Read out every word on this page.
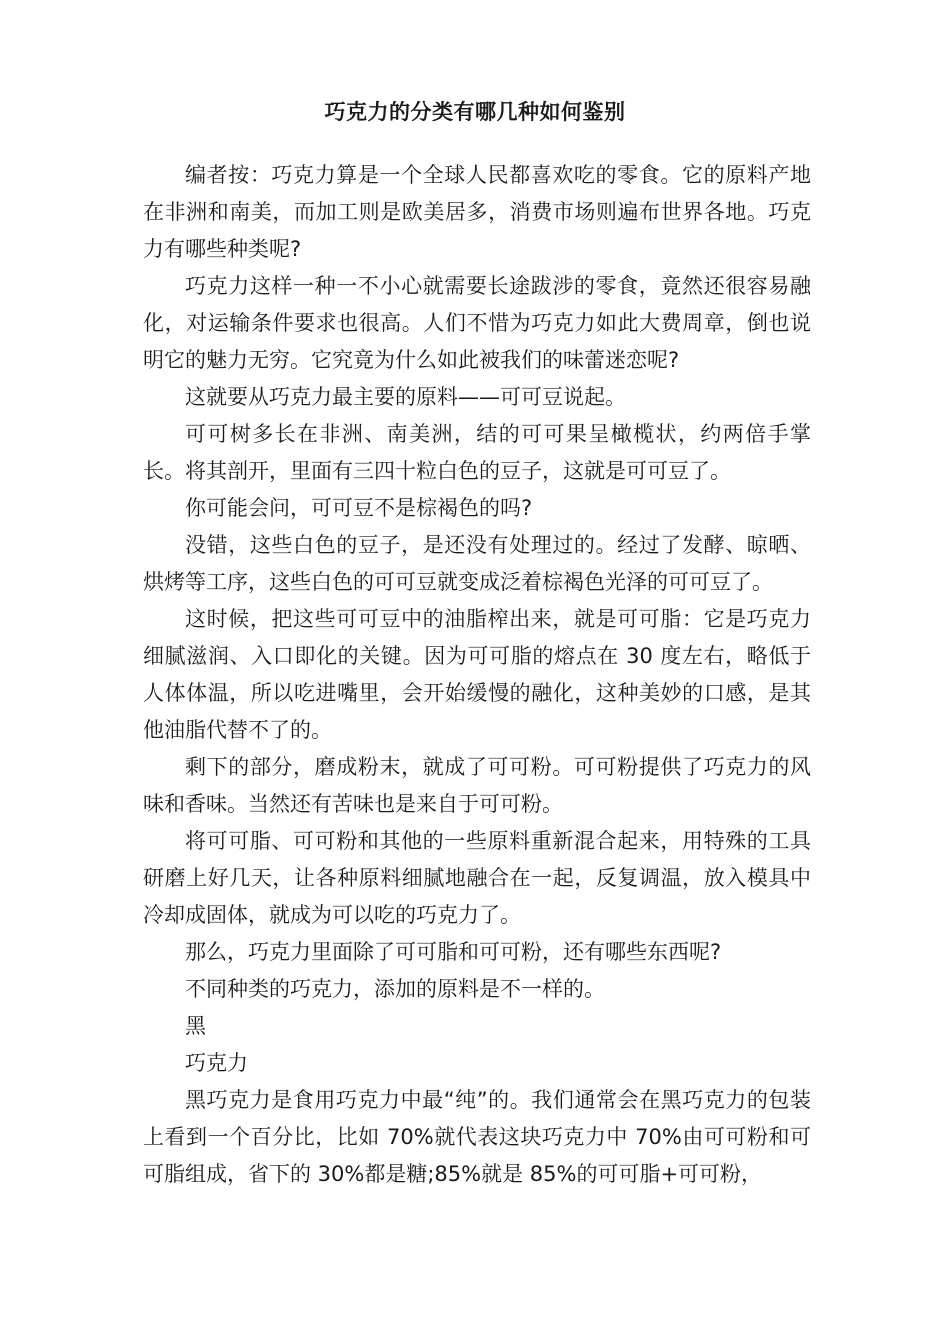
巧克力的分类有哪几种如何鉴别

编者按：巧克力算是一个全球人民都喜欢吃的零食。它的原料产地在非洲和南美，而加工则是欧美居多，消费市场则遍布世界各地。巧克力有哪些种类呢?

巧克力这样一种一不小心就需要长途跋涉的零食，竟然还很容易融化，对运输条件要求也很高。人们不惜为巧克力如此大费周章，倒也说明它的魅力无穷。它究竟为什么如此被我们的味蕾迷恋呢?

这就要从巧克力最主要的原料——可可豆说起。

可可树多长在非洲、南美洲，结的可可果呈橄榄状，约两倍手掌长。将其剖开，里面有三四十粒白色的豆子，这就是可可豆了。

你可能会问，可可豆不是棕褐色的吗?

没错，这些白色的豆子，是还没有处理过的。经过了发酵、晾晒、烘烤等工序，这些白色的可可豆就变成泛着棕褐色光泽的可可豆了。

这时候，把这些可可豆中的油脂榨出来，就是可可脂：它是巧克力细腻滋润、入口即化的关键。因为可可脂的熔点在 30 度左右，略低于人体体温，所以吃进嘴里，会开始缓慢的融化，这种美妙的口感，是其他油脂代替不了的。

剩下的部分，磨成粉末，就成了可可粉。可可粉提供了巧克力的风味和香味。当然还有苦味也是来自于可可粉。

将可可脂、可可粉和其他的一些原料重新混合起来，用特殊的工具研磨上好几天，让各种原料细腻地融合在一起，反复调温，放入模具中冷却成固体，就成为可以吃的巧克力了。

那么，巧克力里面除了可可脂和可可粉，还有哪些东西呢?

不同种类的巧克力，添加的原料是不一样的。

黑

巧克力

黑巧克力是食用巧克力中最“纯”的。我们通常会在黑巧克力的包装上看到一个百分比，比如 70%就代表这块巧克力中 70%由可可粉和可可脂组成，省下的 30%都是糖;85%就是 85%的可可脂+可可粉，
